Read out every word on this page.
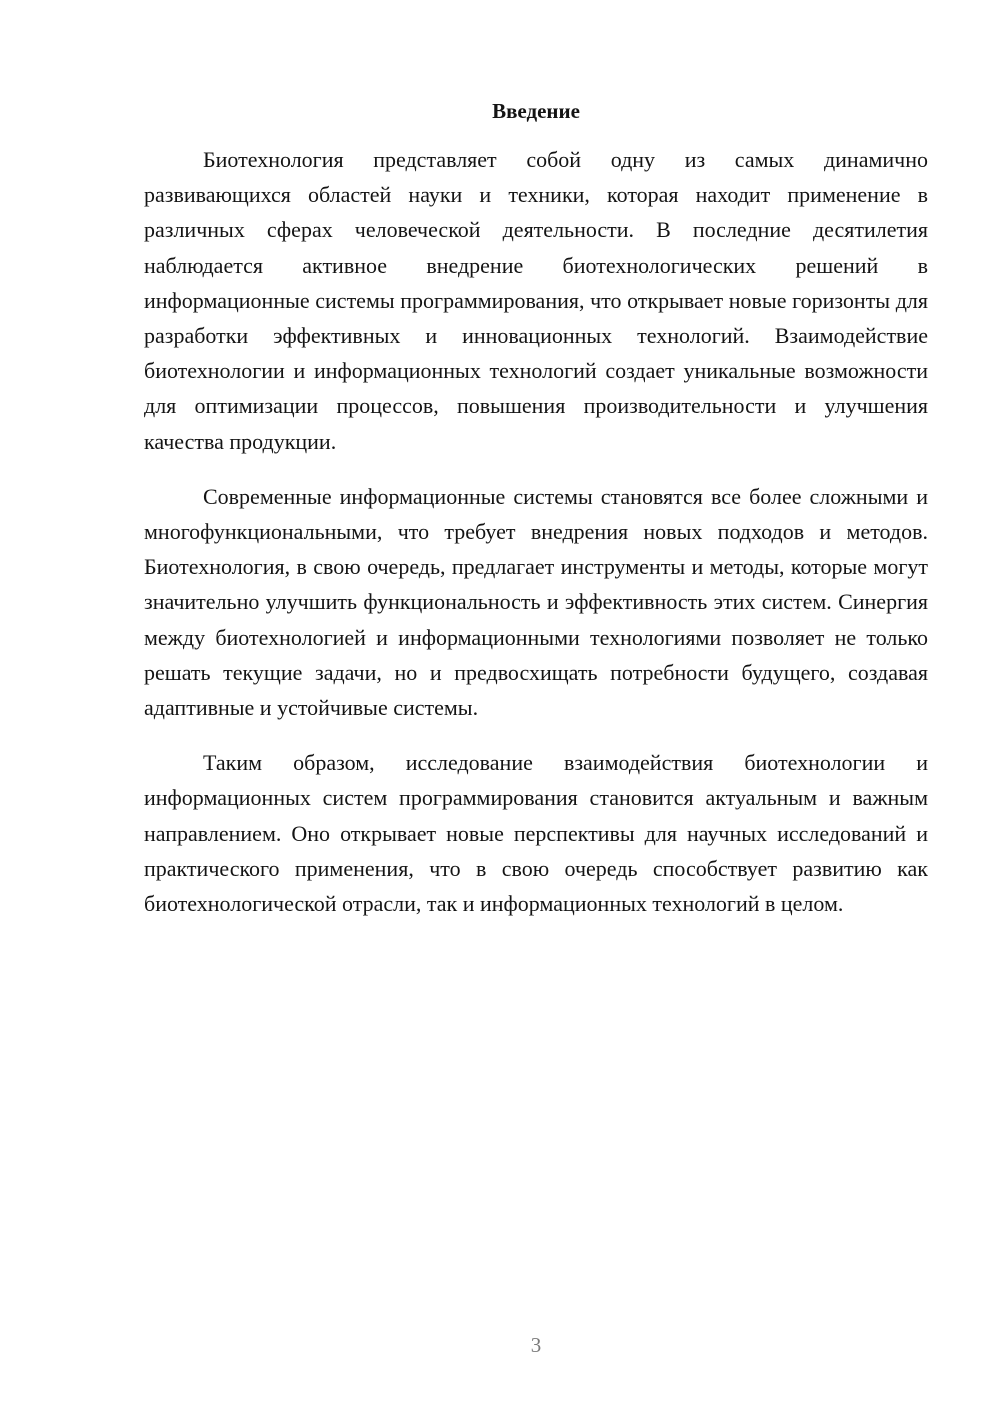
Введение

Биотехнология представляет собой одну из самых динамично развивающихся областей науки и техники, которая находит применение в различных сферах человеческой деятельности. В последние десятилетия наблюдается активное внедрение биотехнологических решений в информационные системы программирования, что открывает новые горизонты для разработки эффективных и инновационных технологий. Взаимодействие биотехнологии и информационных технологий создает уникальные возможности для оптимизации процессов, повышения производительности и улучшения качества продукции.

Современные информационные системы становятся все более сложными и многофункциональными, что требует внедрения новых подходов и методов. Биотехнология, в свою очередь, предлагает инструменты и методы, которые могут значительно улучшить функциональность и эффективность этих систем. Синергия между биотехнологией и информационными технологиями позволяет не только решать текущие задачи, но и предвосхищать потребности будущего, создавая адаптивные и устойчивые системы.

Таким образом, исследование взаимодействия биотехнологии и информационных систем программирования становится актуальным и важным направлением. Оно открывает новые перспективы для научных исследований и практического применения, что в свою очередь способствует развитию как биотехнологической отрасли, так и информационных технологий в целом.

3
